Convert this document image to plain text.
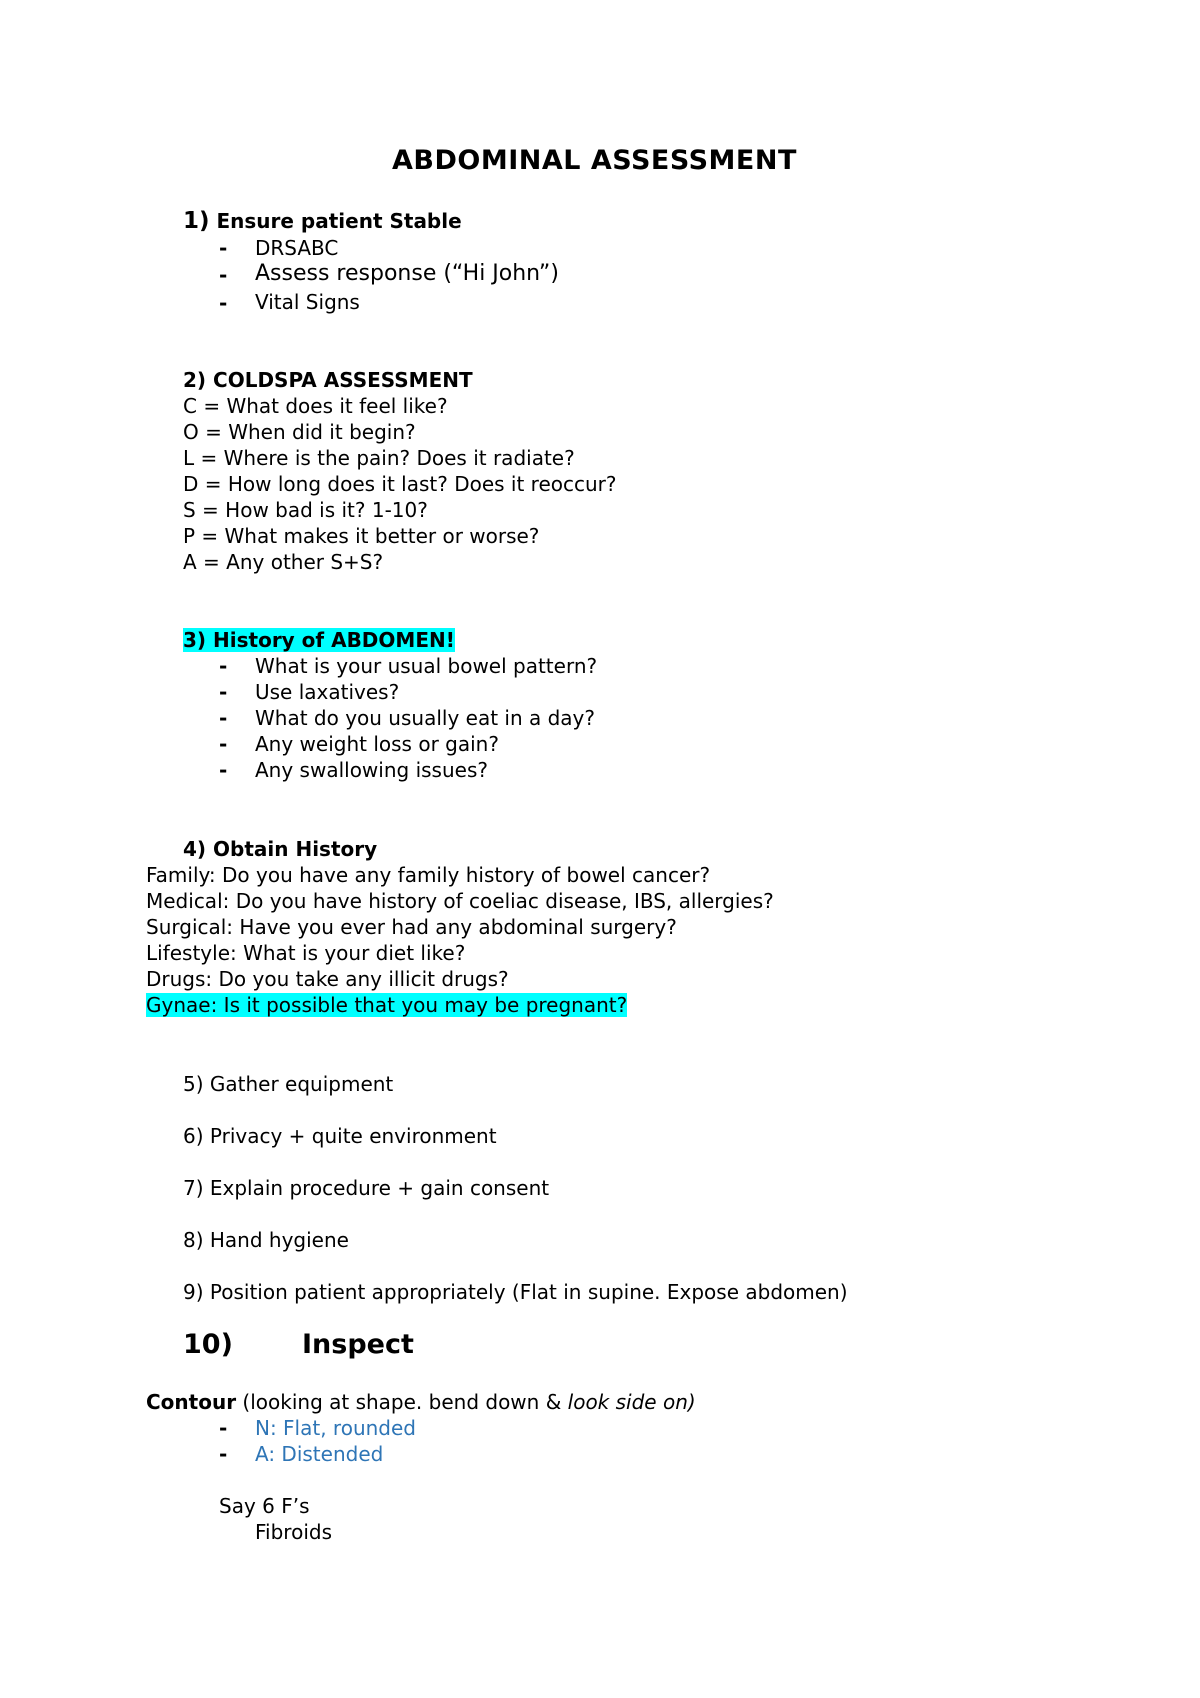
ABDOMINAL ASSESSMENT
1) Ensure patient Stable
- DRSABC
- Assess response (“Hi John”)
- Vital Signs
2) COLDSPA ASSESSMENT
C = What does it feel like?
O = When did it begin?
L = Where is the pain? Does it radiate?
D = How long does it last? Does it reoccur?
S = How bad is it? 1-10?
P = What makes it better or worse?
A = Any other S+S?
3) History of ABDOMEN!
- What is your usual bowel pattern?
- Use laxatives?
- What do you usually eat in a day?
- Any weight loss or gain?
- Any swallowing issues?
4) Obtain History
Family: Do you have any family history of bowel cancer?
Medical: Do you have history of coeliac disease, IBS, allergies?
Surgical: Have you ever had any abdominal surgery?
Lifestyle: What is your diet like?
Drugs: Do you take any illicit drugs?
Gynae: Is it possible that you may be pregnant?
5) Gather equipment
6) Privacy + quite environment
7) Explain procedure + gain consent
8) Hand hygiene
9) Position patient appropriately (Flat in supine. Expose abdomen)
10)	Inspect
Contour (looking at shape. bend down & look side on)
- N: Flat, rounded
- A: Distended
Say 6 F’s
Fibroids
